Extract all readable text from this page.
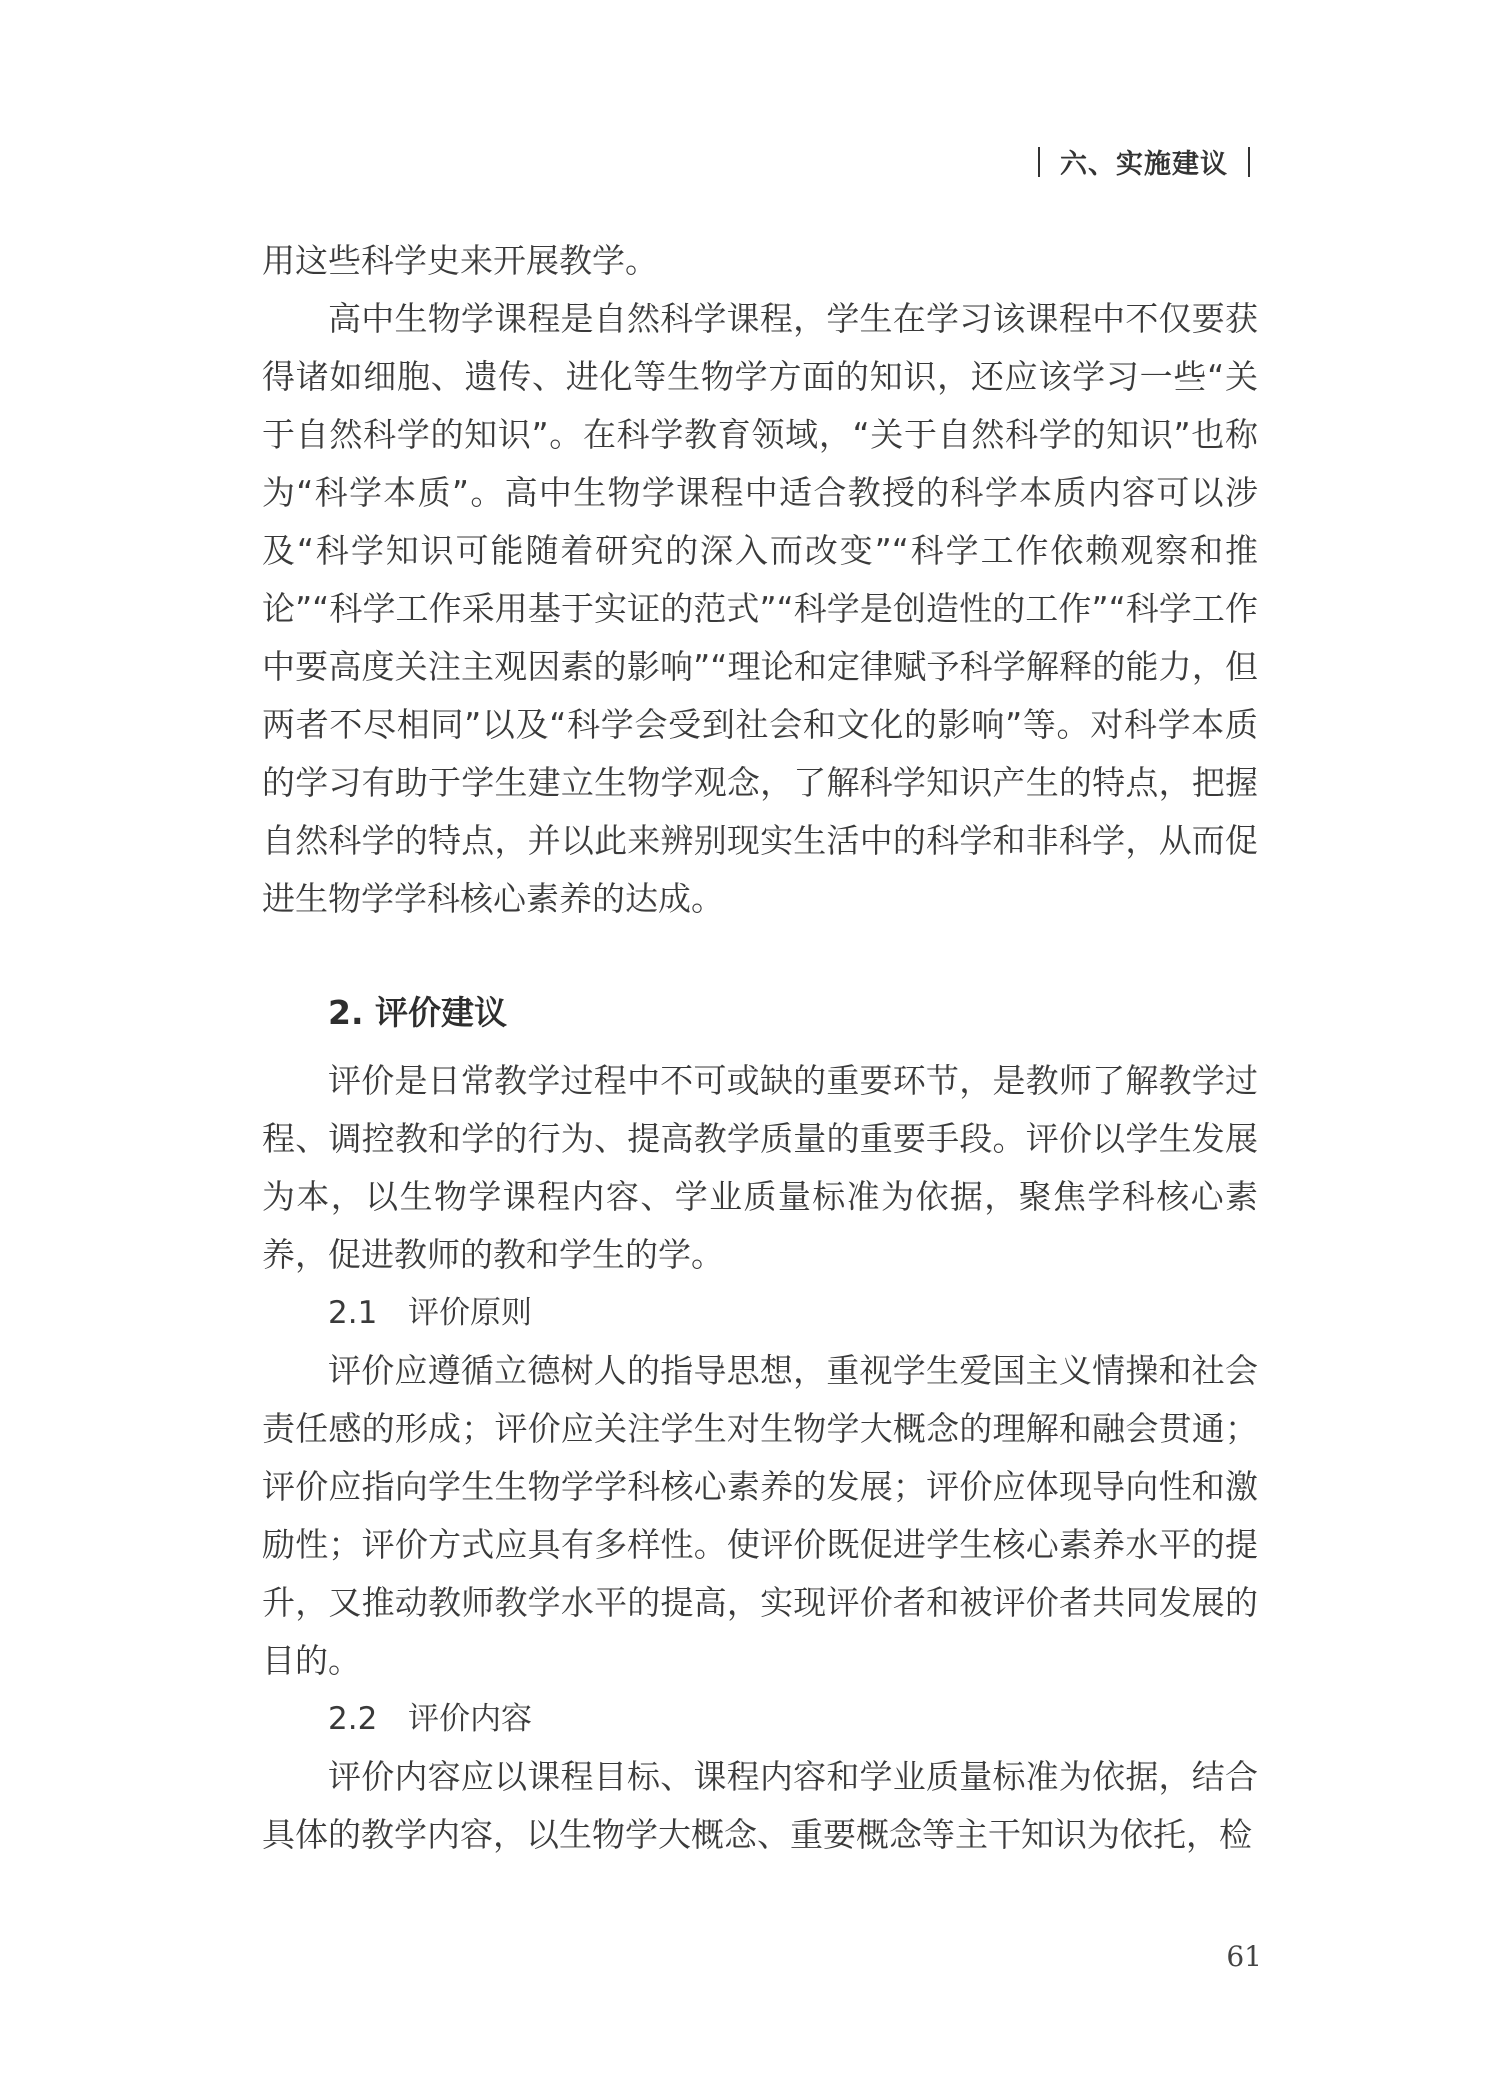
六、实施建议

用这些科学史来开展教学。

高中生物学课程是自然科学课程，学生在学习该课程中不仅要获得诸如细胞、遗传、进化等生物学方面的知识，还应该学习一些“关于自然科学的知识”。在科学教育领域，“关于自然科学的知识”也称为“科学本质”。高中生物学课程中适合教授的科学本质内容可以涉及“科学知识可能随着研究的深入而改变”“科学工作依赖观察和推论”“科学工作采用基于实证的范式”“科学是创造性的工作”“科学工作中要高度关注主观因素的影响”“理论和定律赋予科学解释的能力，但两者不尽相同”以及“科学会受到社会和文化的影响”等。对科学本质的学习有助于学生建立生物学观念，了解科学知识产生的特点，把握自然科学的特点，并以此来辨别现实生活中的科学和非科学，从而促进生物学学科核心素养的达成。

2. 评价建议

评价是日常教学过程中不可或缺的重要环节，是教师了解教学过程、调控教和学的行为、提高教学质量的重要手段。评价以学生发展为本，以生物学课程内容、学业质量标准为依据，聚焦学科核心素养，促进教师的教和学生的学。

2.1 评价原则

评价应遵循立德树人的指导思想，重视学生爱国主义情操和社会责任感的形成；评价应关注学生对生物学大概念的理解和融会贯通；评价应指向学生生物学学科核心素养的发展；评价应体现导向性和激励性；评价方式应具有多样性。使评价既促进学生核心素养水平的提升，又推动教师教学水平的提高，实现评价者和被评价者共同发展的目的。

2.2 评价内容

评价内容应以课程目标、课程内容和学业质量标准为依据，结合具体的教学内容，以生物学大概念、重要概念等主干知识为依托，检

61
